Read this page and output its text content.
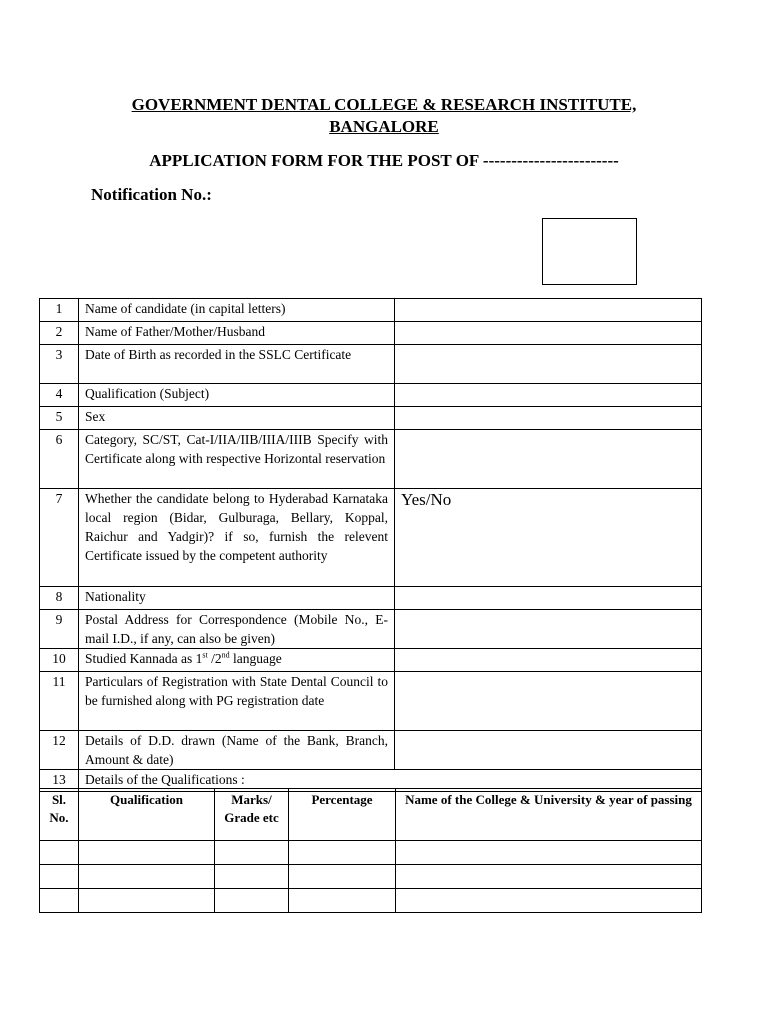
GOVERNMENT DENTAL COLLEGE & RESEARCH INSTITUTE,
BANGALORE
APPLICATION FORM FOR THE POST OF ------------------------
Notification No.:
1	Name of candidate (in capital letters)	
2	Name of Father/Mother/Husband	
3	Date of Birth as recorded in the SSLC Certificate	
4	Qualification (Subject)	
5	Sex	
6	Category, SC/ST, Cat-I/IIA/IIB/IIIA/IIIB Specify with Certificate along with respective Horizontal reservation	
7	Whether the candidate belong to Hyderabad Karnataka local region (Bidar, Gulburaga, Bellary, Koppal, Raichur and Yadgir)? if so, furnish the relevent Certificate issued by the competent authority	Yes/No
8	Nationality	
9	Postal Address for Correspondence (Mobile No., E-mail I.D., if any, can also be given)	
10	Studied Kannada as 1st /2nd language	
11	Particulars of Registration with State Dental Council to be furnished along with PG registration date	
12	Details of D.D. drawn (Name of the Bank, Branch, Amount & date)	
13	Details of the Qualifications :	
Sl. No.	Qualification	Marks/ Grade etc	Percentage	Name of the College & University & year of passing
